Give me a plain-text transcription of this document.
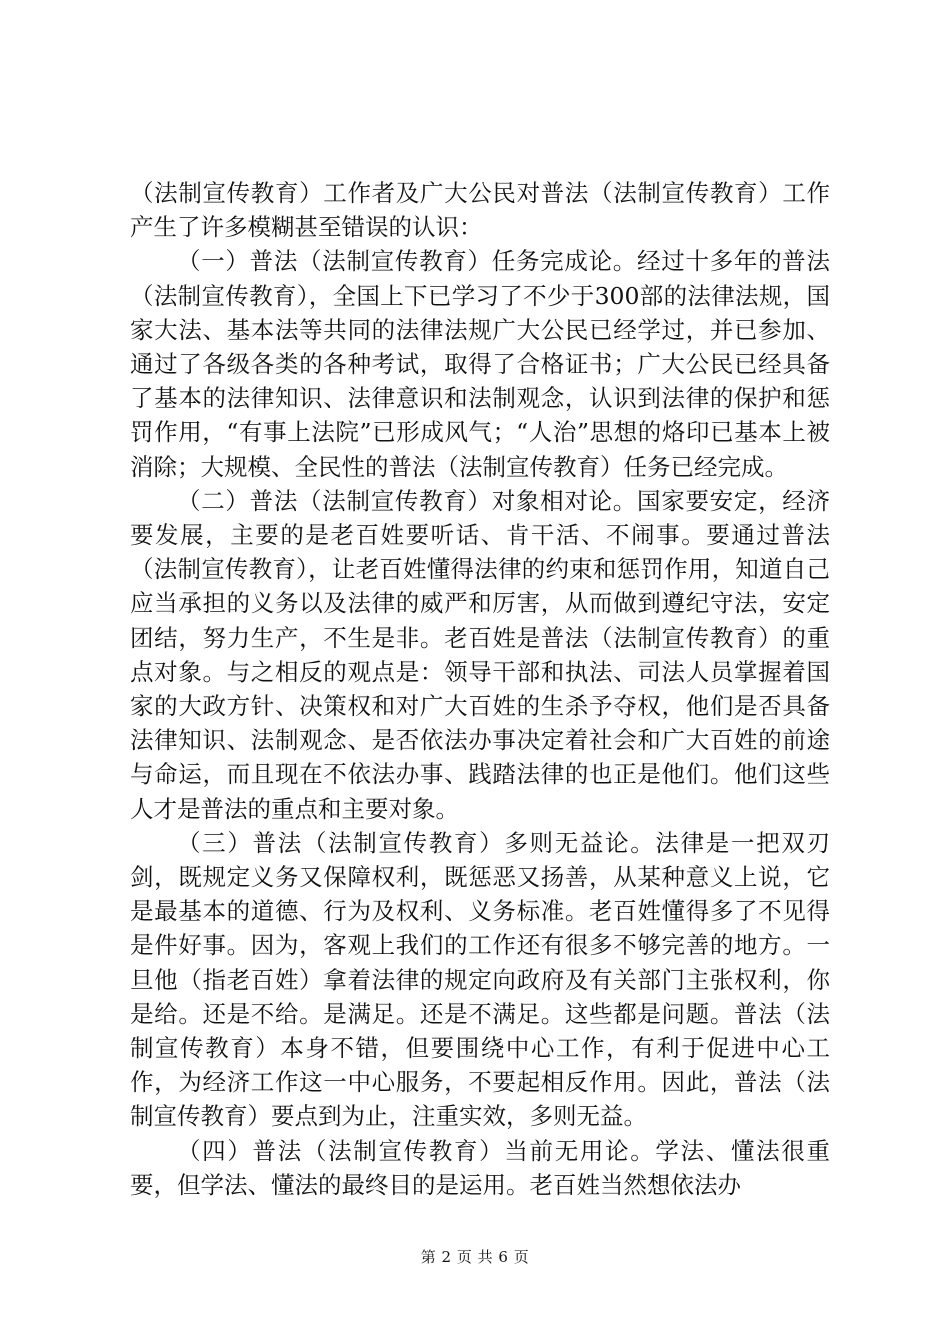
（法制宣传教育）工作者及广大公民对普法（法制宣传教育）工作产生了许多模糊甚至错误的认识：

（一）普法（法制宣传教育）任务完成论。经过十多年的普法（法制宣传教育），全国上下已学习了不少于300部的法律法规，国家大法、基本法等共同的法律法规广大公民已经学过，并已参加、通过了各级各类的各种考试，取得了合格证书；广大公民已经具备了基本的法律知识、法律意识和法制观念，认识到法律的保护和惩罚作用，“有事上法院”已形成风气；“人治”思想的烙印已基本上被消除；大规模、全民性的普法（法制宣传教育）任务已经完成。

（二）普法（法制宣传教育）对象相对论。国家要安定，经济要发展，主要的是老百姓要听话、肯干活、不闹事。要通过普法（法制宣传教育），让老百姓懂得法律的约束和惩罚作用，知道自己应当承担的义务以及法律的威严和厉害，从而做到遵纪守法，安定团结，努力生产，不生是非。老百姓是普法（法制宣传教育）的重点对象。与之相反的观点是：领导干部和执法、司法人员掌握着国家的大政方针、决策权和对广大百姓的生杀予夺权，他们是否具备法律知识、法制观念、是否依法办事决定着社会和广大百姓的前途与命运，而且现在不依法办事、践踏法律的也正是他们。他们这些人才是普法的重点和主要对象。

（三）普法（法制宣传教育）多则无益论。法律是一把双刃剑，既规定义务又保障权利，既惩恶又扬善，从某种意义上说，它是最基本的道德、行为及权利、义务标准。老百姓懂得多了不见得是件好事。因为，客观上我们的工作还有很多不够完善的地方。一旦他（指老百姓）拿着法律的规定向政府及有关部门主张权利，你是给。还是不给。是满足。还是不满足。这些都是问题。普法（法制宣传教育）本身不错，但要围绕中心工作，有利于促进中心工作，为经济工作这一中心服务，不要起相反作用。因此，普法（法制宣传教育）要点到为止，注重实效，多则无益。

（四）普法（法制宣传教育）当前无用论。学法、懂法很重要，但学法、懂法的最终目的是运用。老百姓当然想依法办

第 2 页 共 6 页
